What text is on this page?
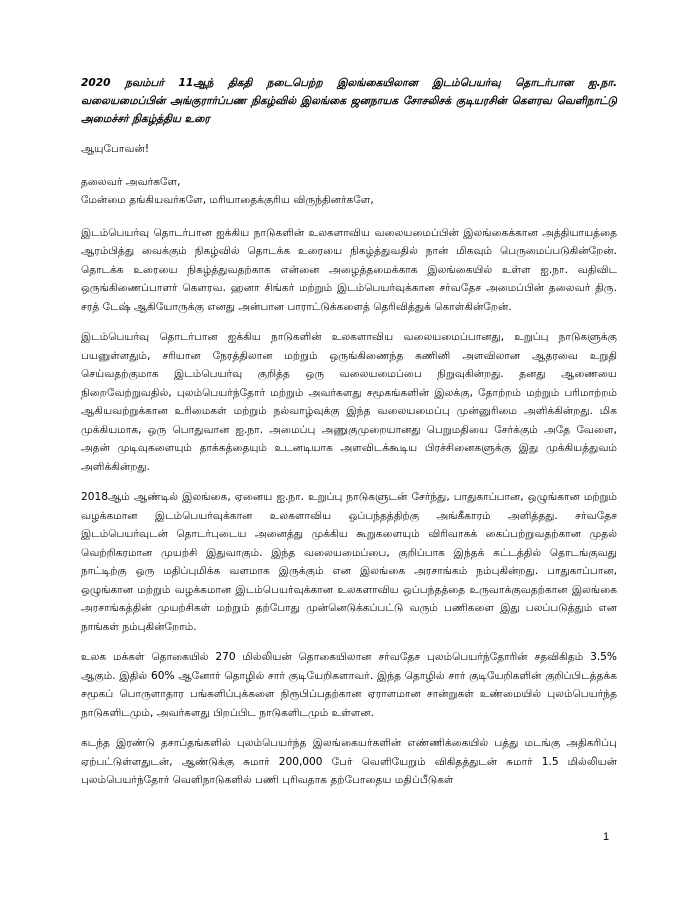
2020 நவம்பர் 11ஆந் திகதி நடைபெற்ற இலங்கையிலான இடம்பெயர்வு தொடர்பான ஐ.நா. வலையமைப்பின் அங்குரார்ப்பண நிகழ்வில் இலங்கை ஜனநாயக சோசலிசக் குடியரசின் கௌரவ வெளிநாட்டு அமைச்சர் நிகழ்த்திய உரை

ஆயுபோவன்!

தலைவர் அவர்களே,
மேன்மை தங்கியவர்களே, மரியாதைக்குரிய விருந்தினர்களே,

இடம்பெயர்வு தொடர்பான ஐக்கிய நாடுகளின் உலகளாவிய வலையமைப்பின் இலங்கைக்கான அத்தியாயத்தை ஆரம்பித்து வைக்கும் நிகழ்வில் தொடக்க உரையை நிகழ்த்துவதில் நான் மிகவும் பெருமைப்படுகின்றேன். தொடக்க உரையை நிகழ்த்துவதற்காக என்னை அழைத்தமைக்காக இலங்கையில் உள்ள ஐ.நா. வதிவிட ஒருங்கிணைப்பாளர் கௌரவ. ஹனா சிங்கர் மற்றும் இடம்பெயர்வுக்கான சர்வதேச அமைப்பின் தலைவர் திரு. சரத் டேஷ் ஆகியோருக்கு எனது அன்பான பாராட்டுக்களைத் தெரிவித்துக் கொள்கின்றேன்.

இடம்பெயர்வு தொடர்பான ஐக்கிய நாடுகளின் உலகளாவிய வலையமைப்பானது, உறுப்பு நாடுகளுக்கு பயனுள்ளதும், சரியான நேரத்திலான மற்றும் ஒருங்கிணைந்த கணினி அளவிலான ஆதரவை உறுதி செய்வதற்குமாக இடம்பெயர்வு குறித்த ஒரு வலையமைப்பை நிறுவுகின்றது. தனது ஆணையை நிறைவேற்றுவதில், புலம்பெயர்ந்தோர் மற்றும் அவர்களது சமூகங்களின் இலக்கு, தோற்றம் மற்றும் பரிமாற்றம் ஆகியவற்றுக்கான உரிமைகள் மற்றும் நல்வாழ்வுக்கு இந்த வலையமைப்பு முன்னுரிமை அளிக்கின்றது. மிக முக்கியமாக, ஒரு பொதுவான ஐ.நா. அமைப்பு அணுகுமுறையானது பெறுமதியை சேர்க்கும் அதே வேளை, அதன் முடிவுகளையும் தாக்கத்தையும் உடனடியாக அளவிடக்கூடிய பிரச்சினைகளுக்கு இது முக்கியத்துவம் அளிக்கின்றது.

2018ஆம் ஆண்டில் இலங்கை, ஏனைய ஐ.நா. உறுப்பு நாடுகளுடன் சேர்ந்து, பாதுகாப்பான, ஒழுங்கான மற்றும் வழக்கமான இடம்பெயர்வுக்கான உலகளாவிய ஒப்பந்தத்திற்கு அங்கீகாரம் அளித்தது. சர்வதேச இடம்பெயர்வுடன் தொடர்புடைய அனைத்து முக்கிய கூறுகளையும் விரிவாகக் கைப்பற்றுவதற்கான முதல் வெற்றிகரமான முயற்சி இதுவாகும். இந்த வலையமைப்பை, குறிப்பாக இந்தக் கட்டத்தில் தொடங்குவது நாட்டிற்கு ஒரு மதிப்புமிக்க வளமாக இருக்கும் என இலங்கை அரசாங்கம் நம்புகின்றது. பாதுகாப்பான, ஒழுங்கான மற்றும் வழக்கமான இடம்பெயர்வுக்கான உலகளாவிய ஒப்பந்தத்தை உருவாக்குவதற்கான இலங்கை அரசாங்கத்தின் முயற்சிகள் மற்றும் தற்போது முன்னெடுக்கப்பட்டு வரும் பணிகளை இது பலப்படுத்தும் என நாங்கள் நம்புகின்றோம்.

உலக மக்கள் தொகையில் 270 மில்லியன் தொகையிலான சர்வதேச புலம்பெயர்ந்தோரின் சதவிகிதம் 3.5% ஆகும். இதில் 60% ஆனோர் தொழில் சார் குடியேறிகளாவர். இந்த தொழில் சார் குடியேறிகளின் குறிப்பிடத்தக்க சமூகப் பொருளாதார பங்களிப்புக்களை நிரூபிப்பதற்கான ஏராளமான சான்றுகள் உண்மையில் புலம்பெயர்ந்த நாடுகளிடமும், அவர்களது பிறப்பிட நாடுகளிடமும் உள்ளன.

கடந்த இரண்டு தசாப்தங்களில் புலம்பெயர்ந்த இலங்கையர்களின் எண்ணிக்கையில் பத்து மடங்கு அதிகரிப்பு ஏற்பட்டுள்ளதுடன், ஆண்டுக்கு சுமார் 200,000 பேர் வெளியேறும் விகிதத்துடன் சுமார் 1.5 மில்லியன் புலம்பெயர்ந்தோர் வெளிநாடுகளில் பணி புரிவதாக தற்போதைய மதிப்பீடுகள்

1
